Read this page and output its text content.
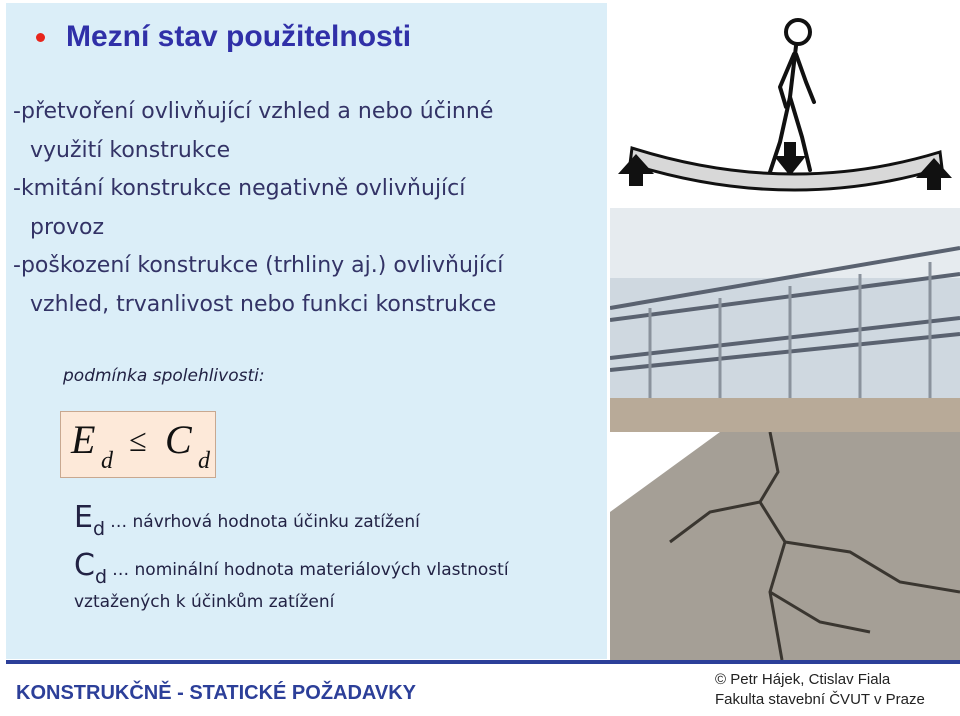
Mezní stav použitelnosti
-přetvoření ovlivňující vzhled a nebo účinné
využití konstrukce
-kmitání konstrukce negativně ovlivňující
provoz
-poškození konstrukce (trhliny aj.) ovlivňující
vzhled, trvanlivost nebo funkci konstrukce
podmínka spolehlivosti:
E d
≤ C d
Ed … návrhová hodnota účinku zatížení
Cd … nominální hodnota materiálových vlastností
vztažených k účinkům zatížení
KONSTRUKČNĚ - STATICKÉ POŽADAVKY
© Petr Hájek, Ctislav Fiala
Fakulta stavební ČVUT v Praze
